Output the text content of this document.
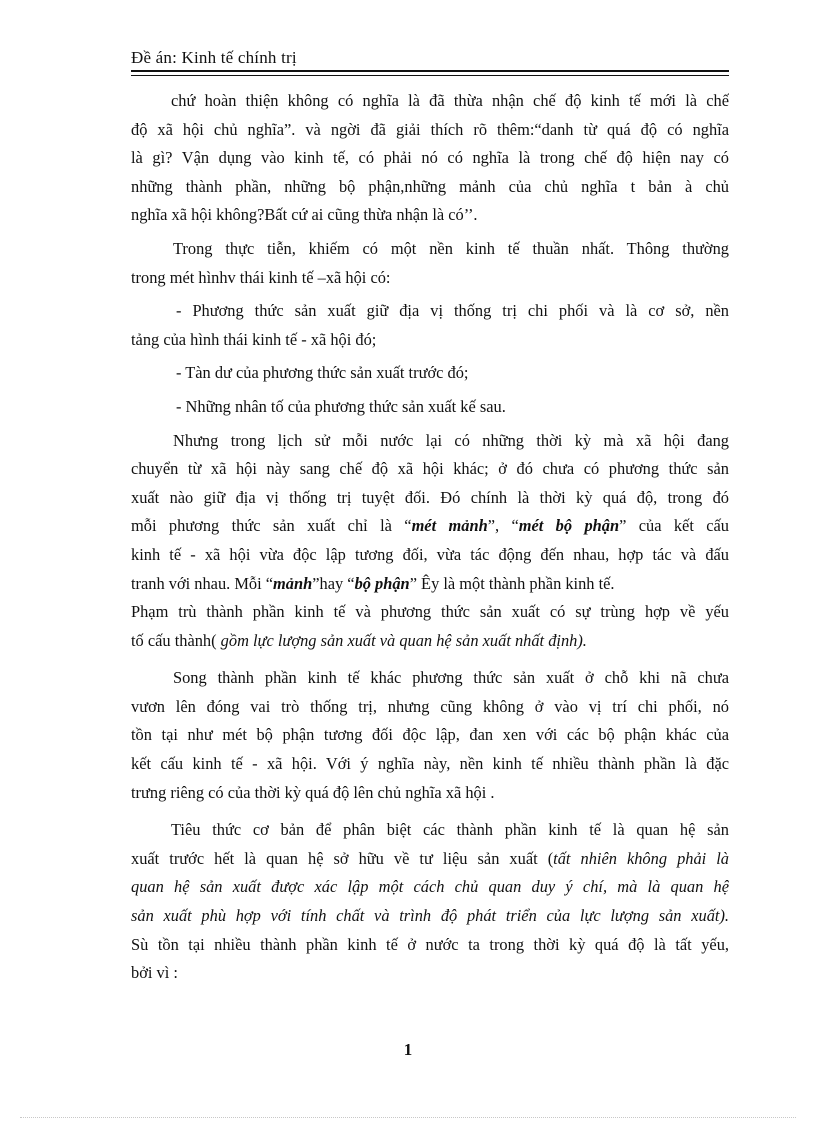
Đề án: Kinh tế chính trị
chứ hoàn thiện không có nghĩa là đã thừa nhận chế độ kinh tế mới là chế
độ xã hội chủ nghĩa”. và ngời đã giải thích rõ thêm:“danh từ quá độ có nghĩa
là gì? Vận dụng vào kinh tế, có phải nó có nghĩa là trong chế độ hiện nay có
những thành phần, những bộ phận,những mảnh của chủ nghĩa t bản à chủ
nghĩa xã hội không?Bất cứ ai cũng thừa nhận là có’’.
Trong thực tiễn, khiếm có một nền kinh tế thuần nhất. Thông thường
trong mét hìnhv thái kinh tế –xã hội có:
- Phương thức sản xuất giữ địa vị thống trị chi phối và là cơ sở, nền
tảng của hình thái kinh tế - xã hội đó;
- Tàn dư của phương thức sản xuất trước đó;
- Những nhân tố của phương thức sản xuất kế sau.
Nhưng trong lịch sử mỗi nước lại có những thời kỳ mà xã hội đang
chuyển từ xã hội này sang chế độ xã hội khác; ở đó chưa có phương thức sản
xuất nào giữ địa vị thống trị tuyệt đối. Đó chính là thời kỳ quá độ, trong đó
mỗi phương thức sản xuất chỉ là “mét mảnh”, “mét bộ phận” của kết cấu
kinh tế - xã hội vừa độc lập tương đối, vừa tác động đến nhau, hợp tác và đấu
tranh với nhau. Mỗi “mảnh”hay “bộ phận” Êy là một thành phần kinh tế.
Phạm trù thành phần kinh tế và phương thức sản xuất có sự trùng hợp về yếu
tố cấu thành( gồm lực lượng sản xuất và quan hệ sản xuất nhất định).
Song thành phần kinh tế khác phương thức sản xuất ở chỗ khi nã chưa
vươn lên đóng vai trò thống trị, nhưng cũng không ở vào vị trí chi phối, nó
tồn tại như mét bộ phận tương đối độc lập, đan xen với các bộ phận khác của
kết cấu kinh tế - xã hội. Với ý nghĩa này, nền kinh tế nhiều thành phần là đặc
trưng riêng có của thời kỳ quá độ lên chủ nghĩa xã hội .
Tiêu thức cơ bản để phân biệt các thành phần kinh tế là quan hệ sản
xuất trước hết là quan hệ sở hữu về tư liệu sản xuất (tất nhiên không phải là
quan hệ sản xuất được xác lập một cách chủ quan duy ý chí, mà là quan hệ
sản xuất phù hợp với tính chất và trình độ phát triển của lực lượng sản xuất).
Sù tồn tại nhiều thành phần kinh tế ở nước ta trong thời kỳ quá độ là tất yếu,
bởi vì :
1
